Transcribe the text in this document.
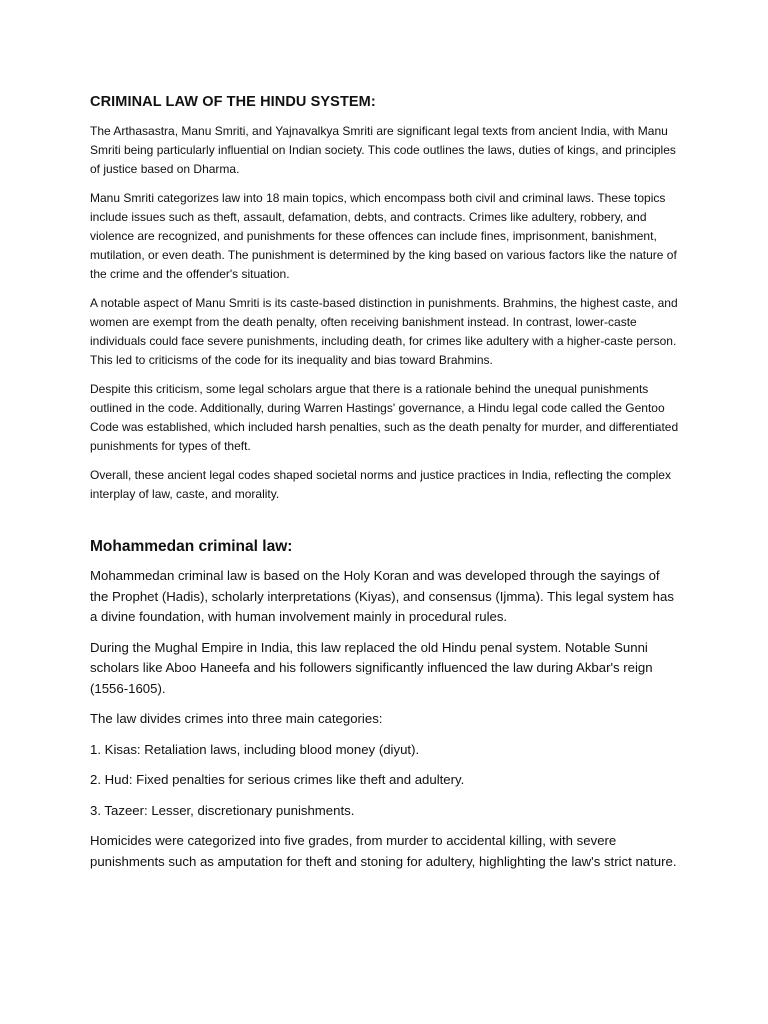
CRIMINAL LAW OF THE HINDU SYSTEM:

The Arthasastra, Manu Smriti, and Yajnavalkya Smriti are significant legal texts from ancient India, with Manu Smriti being particularly influential on Indian society. This code outlines the laws, duties of kings, and principles of justice based on Dharma.

Manu Smriti categorizes law into 18 main topics, which encompass both civil and criminal laws. These topics include issues such as theft, assault, defamation, debts, and contracts. Crimes like adultery, robbery, and violence are recognized, and punishments for these offences can include fines, imprisonment, banishment, mutilation, or even death. The punishment is determined by the king based on various factors like the nature of the crime and the offender's situation.

A notable aspect of Manu Smriti is its caste-based distinction in punishments. Brahmins, the highest caste, and women are exempt from the death penalty, often receiving banishment instead. In contrast, lower-caste individuals could face severe punishments, including death, for crimes like adultery with a higher-caste person. This led to criticisms of the code for its inequality and bias toward Brahmins.

Despite this criticism, some legal scholars argue that there is a rationale behind the unequal punishments outlined in the code. Additionally, during Warren Hastings' governance, a Hindu legal code called the Gentoo Code was established, which included harsh penalties, such as the death penalty for murder, and differentiated punishments for types of theft.

Overall, these ancient legal codes shaped societal norms and justice practices in India, reflecting the complex interplay of law, caste, and morality.

Mohammedan criminal law:

Mohammedan criminal law is based on the Holy Koran and was developed through the sayings of the Prophet (Hadis), scholarly interpretations (Kiyas), and consensus (Ijmma). This legal system has a divine foundation, with human involvement mainly in procedural rules.

During the Mughal Empire in India, this law replaced the old Hindu penal system. Notable Sunni scholars like Aboo Haneefa and his followers significantly influenced the law during Akbar's reign (1556-1605).

The law divides crimes into three main categories:

1. Kisas: Retaliation laws, including blood money (diyut).

2. Hud: Fixed penalties for serious crimes like theft and adultery.

3. Tazeer: Lesser, discretionary punishments.

Homicides were categorized into five grades, from murder to accidental killing, with severe punishments such as amputation for theft and stoning for adultery, highlighting the law's strict nature.
